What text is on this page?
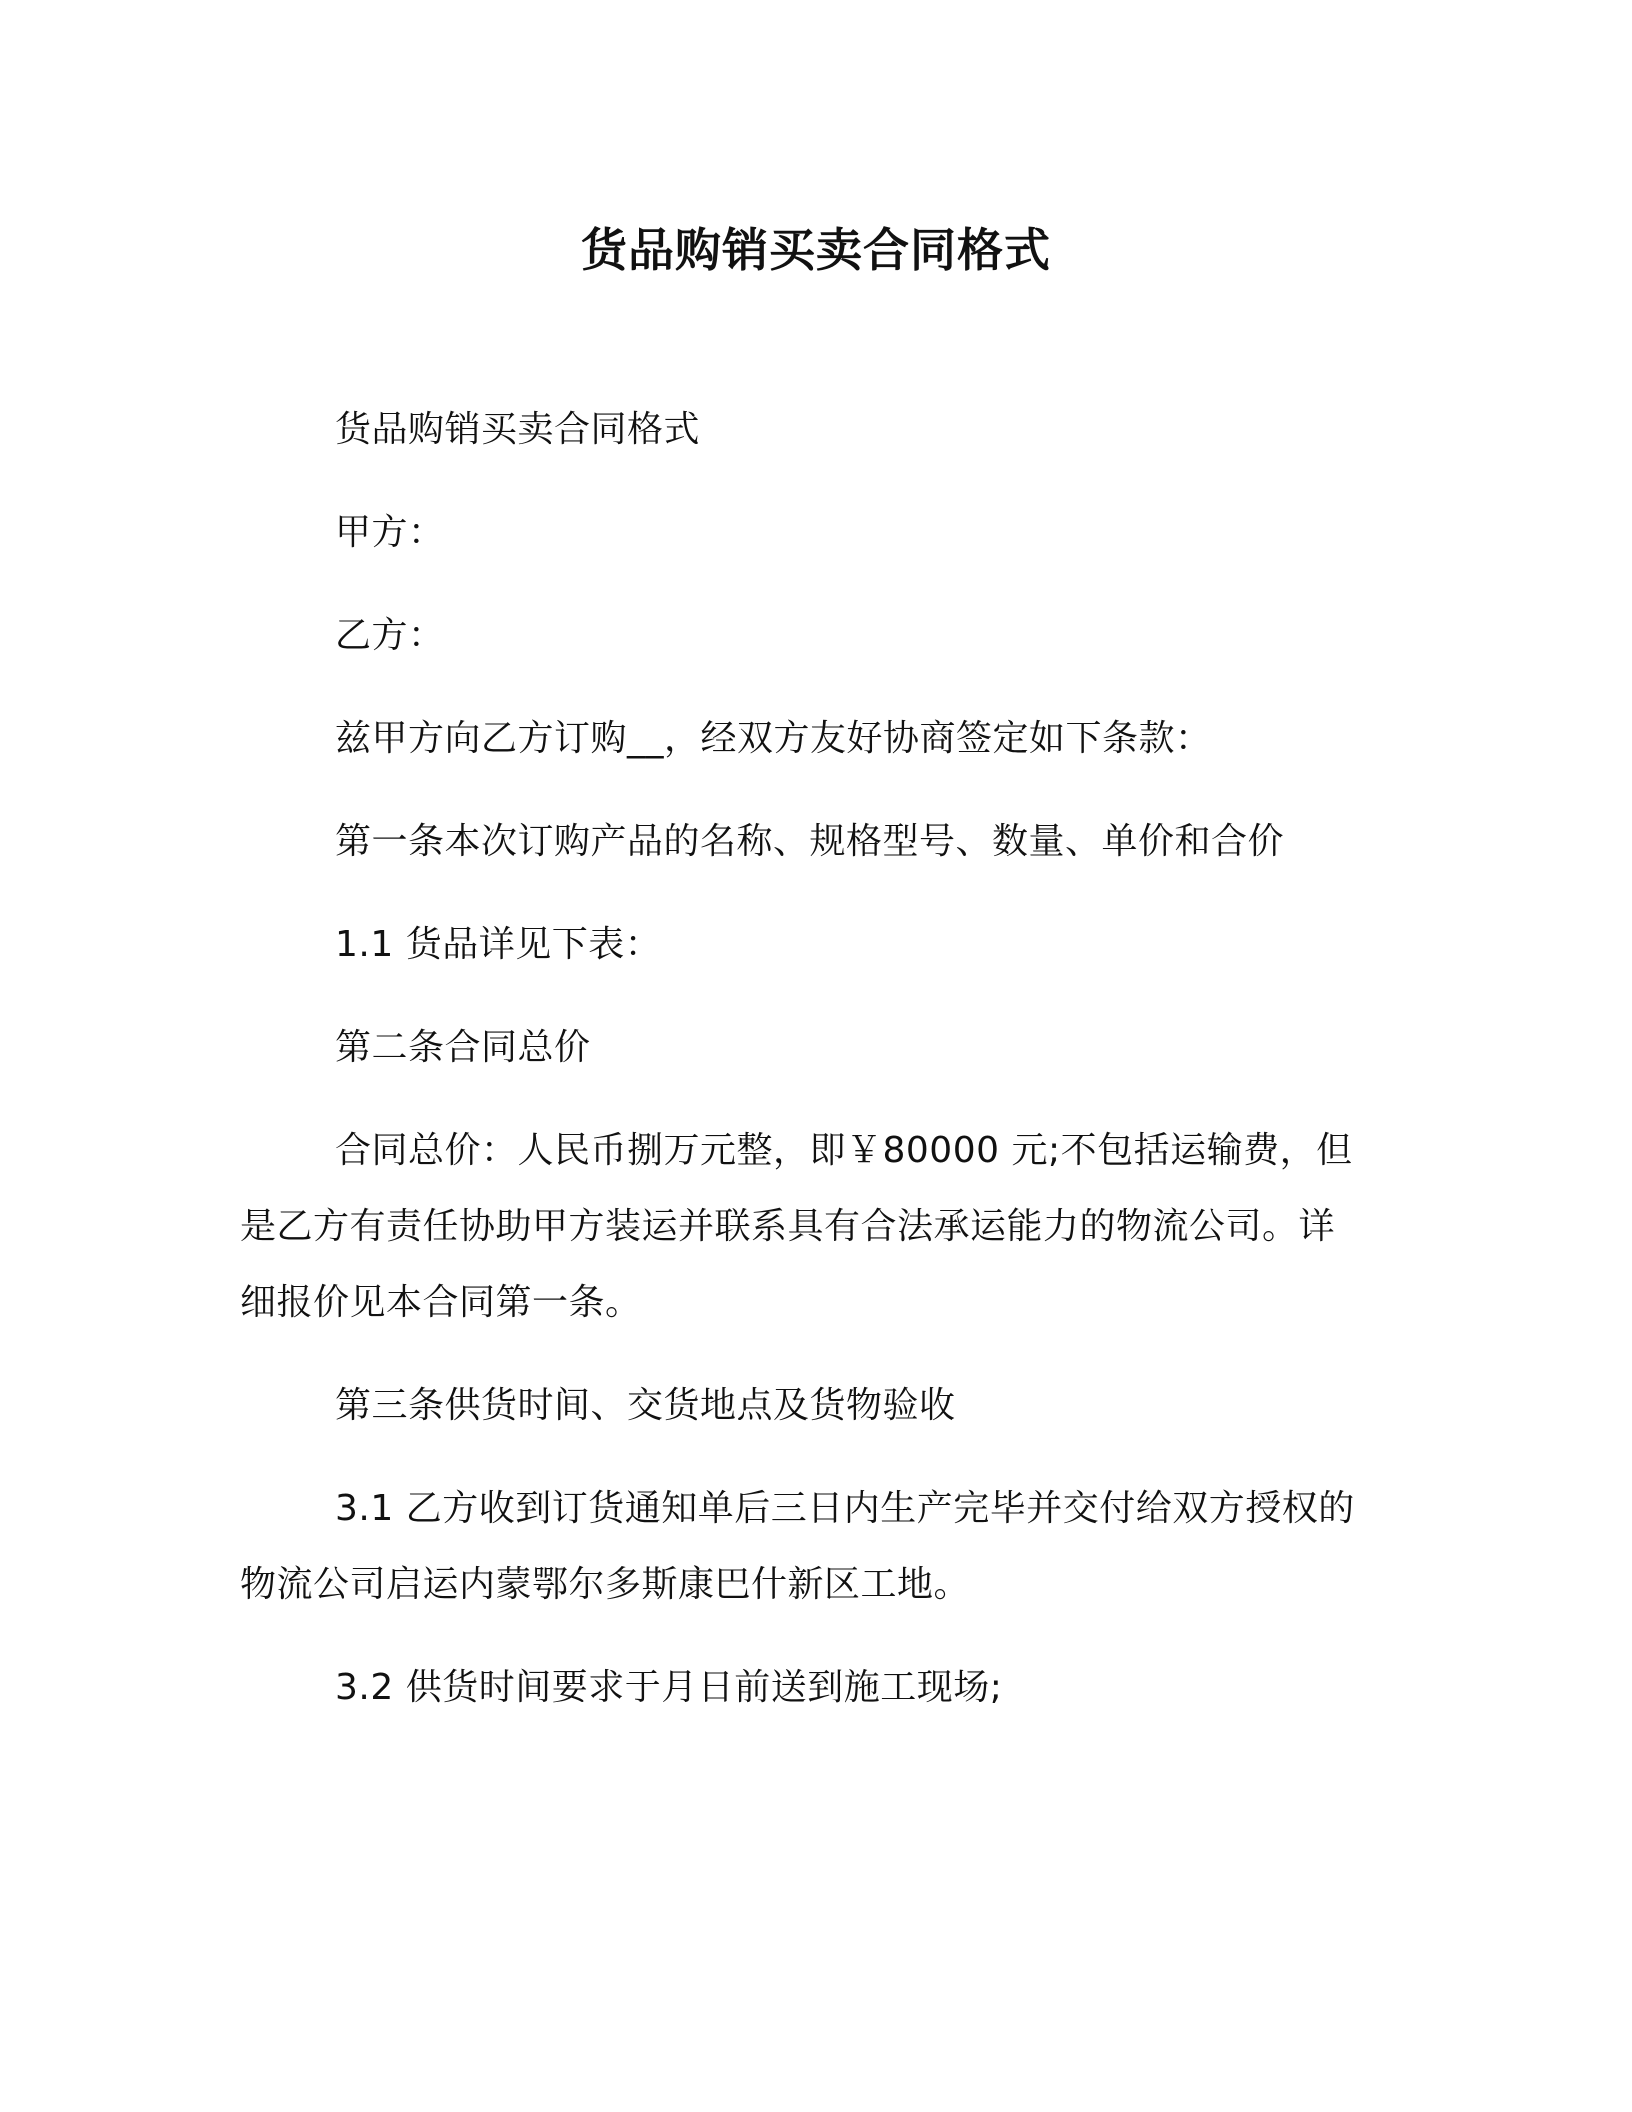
货品购销买卖合同格式

货品购销买卖合同格式

甲方：

乙方：

兹甲方向乙方订购__，经双方友好协商签定如下条款：

第一条本次订购产品的名称、规格型号、数量、单价和合价

1.1 货品详见下表：

第二条合同总价

合同总价：人民币捌万元整，即￥80000 元;不包括运输费，但是乙方有责任协助甲方装运并联系具有合法承运能力的物流公司。详细报价见本合同第一条。

第三条供货时间、交货地点及货物验收

3.1 乙方收到订货通知单后三日内生产完毕并交付给双方授权的物流公司启运内蒙鄂尔多斯康巴什新区工地。

3.2 供货时间要求于月日前送到施工现场;
